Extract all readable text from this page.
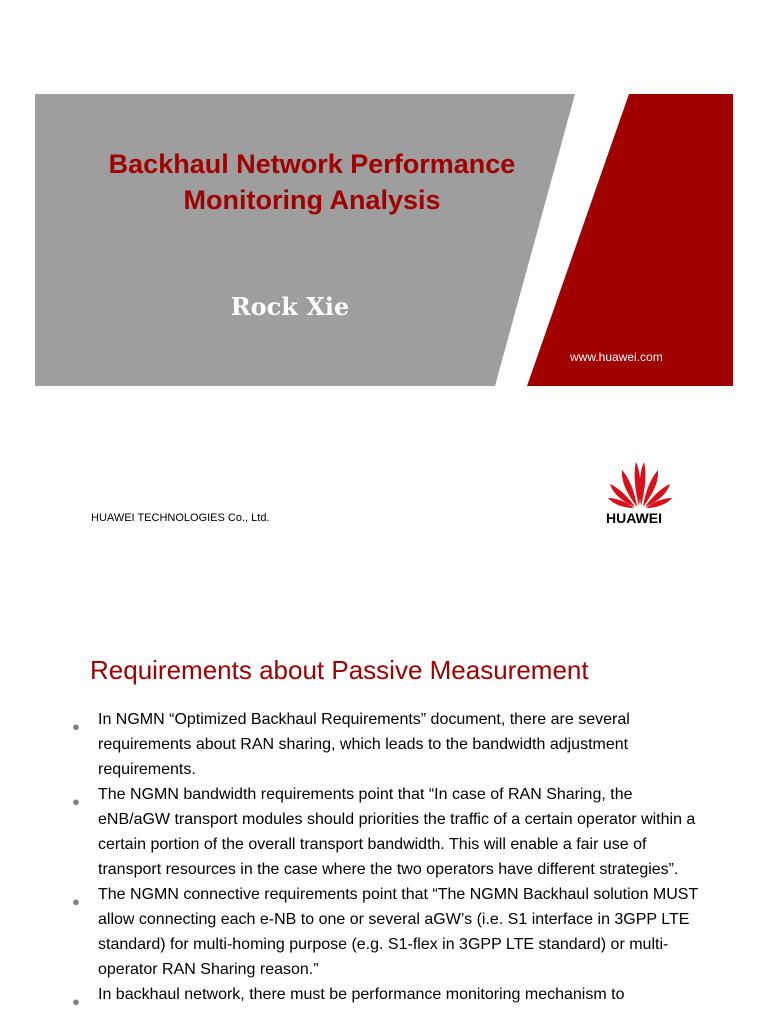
Backhaul Network Performance
Monitoring Analysis
Rock Xie
www.huawei.com
HUAWEI TECHNOLOGIES Co., Ltd.	HUAWEI
Requirements about Passive Measurement
● In NGMN “Optimized Backhaul Requirements” document, there are several requirements about RAN sharing, which leads to the bandwidth adjustment requirements.
● The NGMN bandwidth requirements point that “In case of RAN Sharing, the eNB/aGW transport modules should priorities the traffic of a certain operator within a certain portion of the overall transport bandwidth. This will enable a fair use of transport resources in the case where the two operators have different strategies”.
● The NGMN connective requirements point that “The NGMN Backhaul solution MUST allow connecting each e-NB to one or several aGW’s (i.e. S1 interface in 3GPP LTE standard) for multi-homing purpose (e.g. S1-flex in 3GPP LTE standard) or multi-operator RAN Sharing reason.”
● In backhaul network, there must be performance monitoring mechanism to
